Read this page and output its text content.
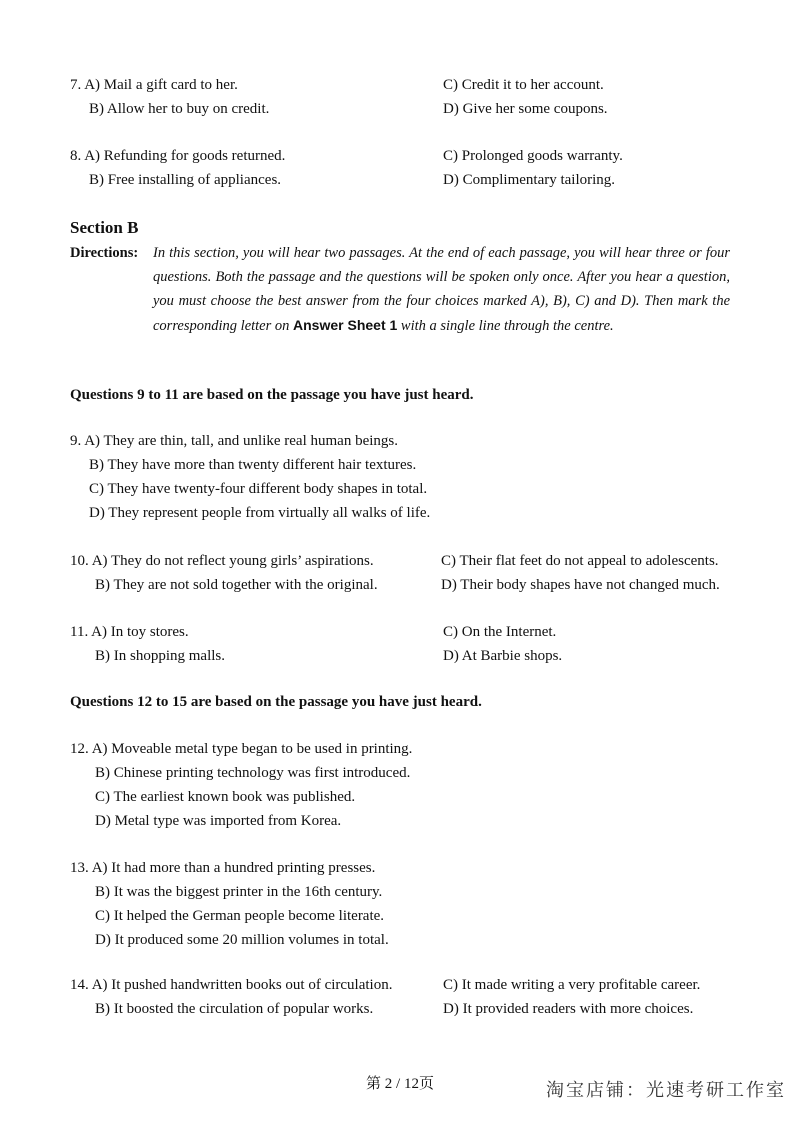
7. A) Mail a gift card to her.	C) Credit it to her account.
B) Allow her to buy on credit.	D) Give her some coupons.
8. A) Refunding for goods returned.	C) Prolonged goods warranty.
B) Free installing of appliances.	D) Complimentary tailoring.
Section B
Directions: In this section, you will hear two passages. At the end of each passage, you will hear three or four questions. Both the passage and the questions will be spoken only once. After you hear a question, you must choose the best answer from the four choices marked A), B), C) and D). Then mark the corresponding letter on Answer Sheet 1 with a single line through the centre.
Questions 9 to 11 are based on the passage you have just heard.
9. A) They are thin, tall, and unlike real human beings.
B) They have more than twenty different hair textures.
C) They have twenty-four different body shapes in total.
D) They represent people from virtually all walks of life.
10. A) They do not reflect young girls’ aspirations.	C) Their flat feet do not appeal to adolescents.
B) They are not sold together with the original.	D) Their body shapes have not changed much.
11. A) In toy stores.	C) On the Internet.
B) In shopping malls.	D) At Barbie shops.
Questions 12 to 15 are based on the passage you have just heard.
12. A) Moveable metal type began to be used in printing.
B) Chinese printing technology was first introduced.
C) The earliest known book was published.
D) Metal type was imported from Korea.
13. A) It had more than a hundred printing presses.
B) It was the biggest printer in the 16th century.
C) It helped the German people become literate.
D) It produced some 20 million volumes in total.
14. A) It pushed handwritten books out of circulation.	C) It made writing a very profitable career.
B) It boosted the circulation of popular works.	D) It provided readers with more choices.
第 2 / 12页	淘宝店铺：光速考研工作室
